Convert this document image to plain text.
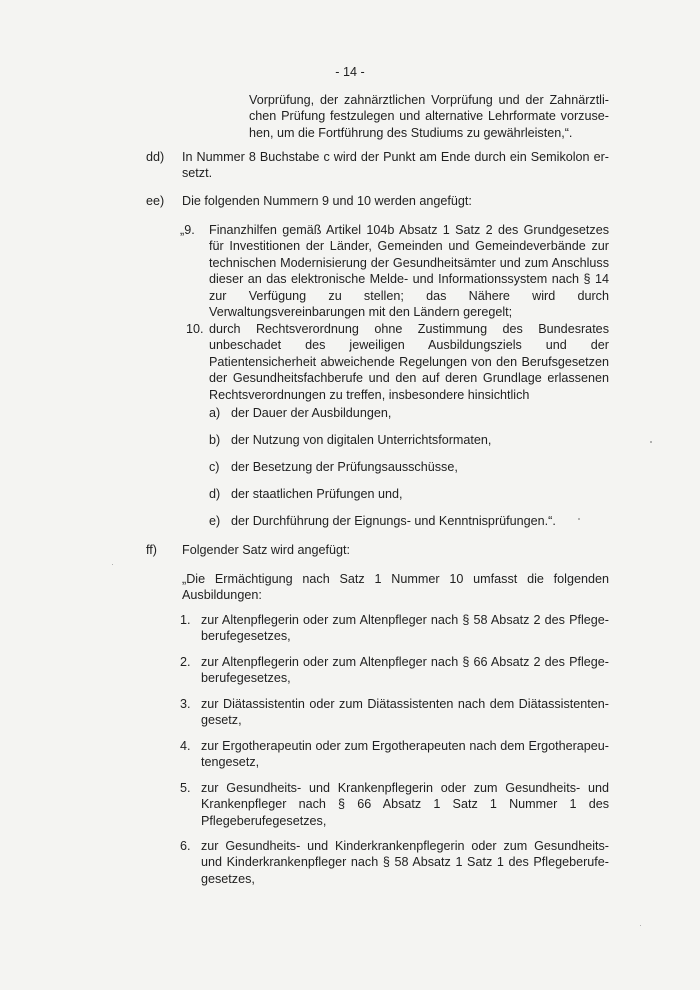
- 14 -
Vorprüfung, der zahnärztlichen Vorprüfung und der Zahnärztlichen Prüfung festzulegen und alternative Lehrformate vorzusehen, um die Fortführung des Studiums zu gewährleisten,“.
dd) In Nummer 8 Buchstabe c wird der Punkt am Ende durch ein Semikolon ersetzt.
ee) Die folgenden Nummern 9 und 10 werden angefügt:
„9. Finanzhilfen gemäß Artikel 104b Absatz 1 Satz 2 des Grundgesetzes für Investitionen der Länder, Gemeinden und Gemeindeverbände zur technischen Modernisierung der Gesundheitsämter und zum Anschluss dieser an das elektronische Melde- und Informationssystem nach § 14 zur Verfügung zu stellen; das Nähere wird durch Verwaltungsvereinbarungen mit den Ländern geregelt;
10. durch Rechtsverordnung ohne Zustimmung des Bundesrates unbeschadet des jeweiligen Ausbildungsziels und der Patientensicherheit abweichende Regelungen von den Berufsgesetzen der Gesundheitsfachberufe und den auf deren Grundlage erlassenen Rechtsverordnungen zu treffen, insbesondere hinsichtlich
a) der Dauer der Ausbildungen,
b) der Nutzung von digitalen Unterrichtsformaten,
c) der Besetzung der Prüfungsausschüsse,
d) der staatlichen Prüfungen und,
e) der Durchführung der Eignungs- und Kenntnisprüfungen.“.
ff) Folgender Satz wird angefügt:
„Die Ermächtigung nach Satz 1 Nummer 10 umfasst die folgenden Ausbildungen:
1. zur Altenpflegerin oder zum Altenpfleger nach § 58 Absatz 2 des Pflegeberufegesetzes,
2. zur Altenpflegerin oder zum Altenpfleger nach § 66 Absatz 2 des Pflegeberufegesetzes,
3. zur Diätassistentin oder zum Diätassistenten nach dem Diätassistentengesetz,
4. zur Ergotherapeutin oder zum Ergotherapeuten nach dem Ergotherapeutengesetz,
5. zur Gesundheits- und Krankenpflegerin oder zum Gesundheits- und Krankenpfleger nach § 66 Absatz 1 Satz 1 Nummer 1 des Pflegeberufegesetzes,
6. zur Gesundheits- und Kinderkrankenpflegerin oder zum Gesundheits- und Kinderkrankenpfleger nach § 58 Absatz 1 Satz 1 des Pflegeberufegesetzes,
